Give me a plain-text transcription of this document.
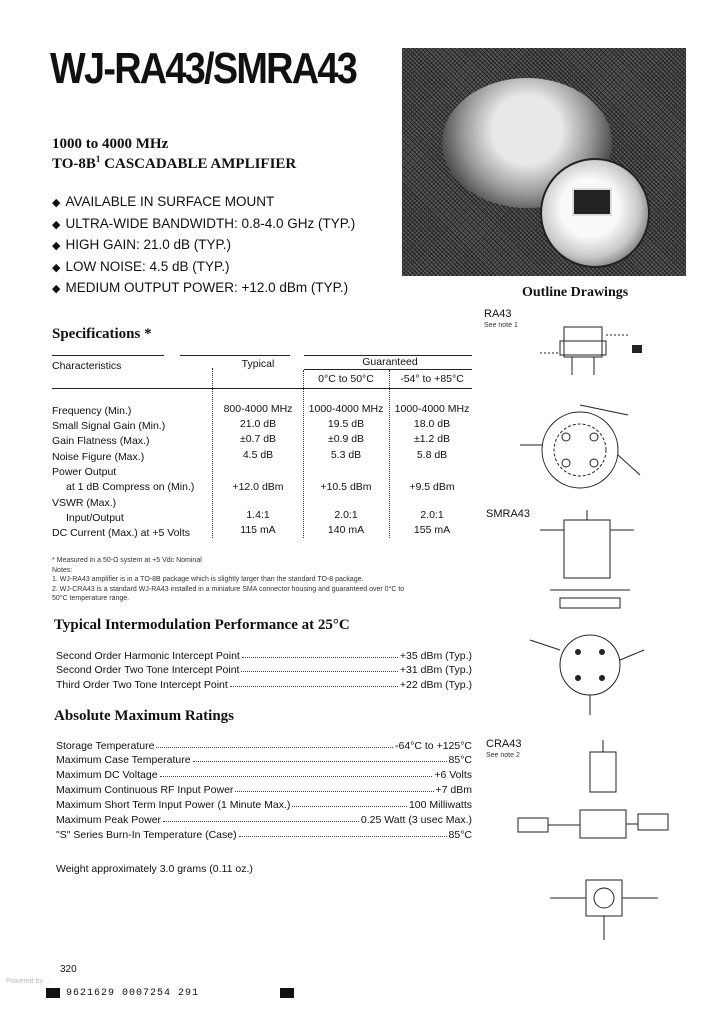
WJ-RA43/SMRA43
1000 to 4000 MHz
$TO-8B^1$ CASCADABLE AMPLIFIER
◆ AVAILABLE IN SURFACE MOUNT
◆ ULTRA-WIDE BANDWIDTH: 0.8-4.0 GHz (TYP.)
◆ HIGH GAIN: 21.0 dB (TYP.)
◆ LOW NOISE: 4.5 dB (TYP.)
◆ MEDIUM OUTPUT POWER: +12.0 dBm (TYP.)
Specifications *
Characteristics	Typical	Guaranteed
0°C to 50°C	-54° to +85°C
Frequency (Min.)	800-4000 MHz	1000-4000 MHz	1000-4000 MHz
Small Signal Gain (Min.)	21.0 dB	19.5 dB	18.0 dB
Gain Flatness (Max.)	±0.7 dB	±0.9 dB	±1.2 dB
Noise Figure (Max.)	4.5 dB	5.3 dB	5.8 dB
Power Output
at 1 dB Compress on (Min.)	+12.0 dBm	+10.5 dBm	+9.5 dBm
VSWR (Max.)
Input/Output	1.4:1	2.0:1	2.0:1
DC Current (Max.) at +5 Volts	115 mA	140 mA	155 mA
* Measured in a 50-Ω system at +5 Vdc Nominal
Notes:
1. WJ-RA43 amplifier is in a TO-8B package which is slightly larger than the standard TO-8 package.
2. WJ-CRA43 is a standard WJ-RA43 installed in a miniature SMA connector housing and guaranteed over 0°C to 50°C temperature range.
Typical Intermodulation Performance at 25°C
Second Order Harmonic Intercept Point	+35 dBm (Typ.)
Second Order Two Tone Intercept Point	+31 dBm (Typ.)
Third Order Two Tone Intercept Point	+22 dBm (Typ.)
Absolute Maximum Ratings
Storage Temperature	-64°C to +125°C
Maximum Case Temperature	85°C
Maximum DC Voltage	+6 Volts
Maximum Continuous RF Input Power	+7 dBm
Maximum Short Term Input Power (1 Minute Max.)	100 Milliwatts
Maximum Peak Power	0.25 Watt (3 usec Max.)
"S" Series Burn-In Temperature (Case)	85°C
Weight approximately 3.0 grams (0.11 oz.)
Outline Drawings
RA43
See note 1
SMRA43
CRA43
See note 2
Powered by ...
320
9621629 0007254 291
